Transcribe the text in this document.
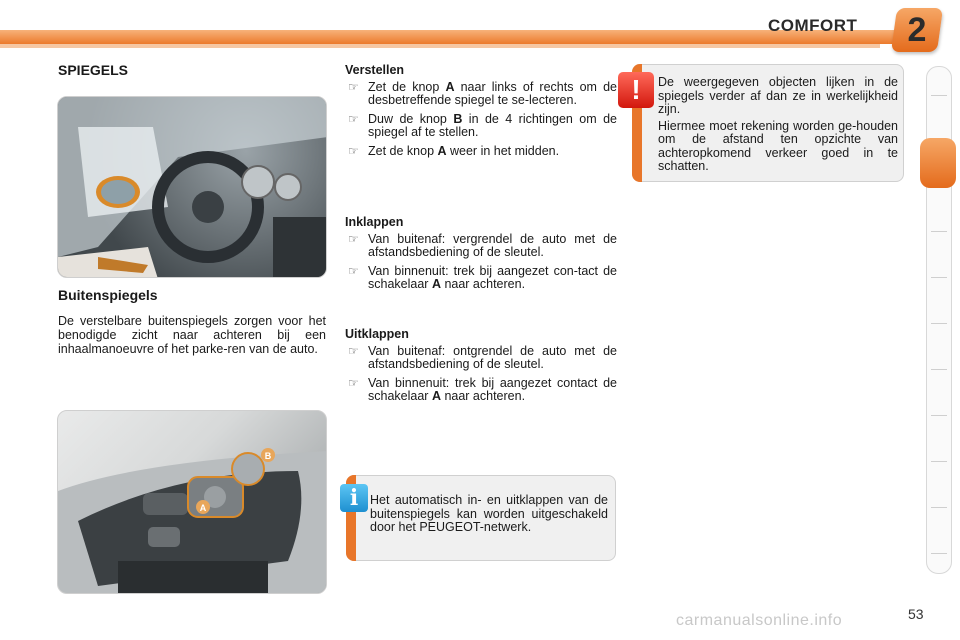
COMFORT	2
SPIEGELS
Buitenspiegels
De verstelbare buitenspiegels zorgen voor het benodigde zicht naar achteren bij een inhaalmanoeuvre of het parke-ren van de auto.
A
B
Verstellen
☞ Zet de knop A naar links of rechts om de desbetreffende spiegel te se-lecteren.
☞ Duw de knop B in de 4 richtingen om de spiegel af te stellen.
☞ Zet de knop A weer in het midden.
Inklappen
☞ Van buitenaf: vergrendel de auto met de afstandsbediening of de sleutel.
☞ Van binnenuit: trek bij aangezet con-tact de schakelaar A naar achteren.
Uitklappen
☞ Van buitenaf: ontgrendel de auto met de afstandsbediening of de sleutel.
☞ Van binnenuit: trek bij aangezet contact de schakelaar A naar achteren.
i Het automatisch in- en uitklappen van de buitenspiegels kan worden uitgeschakeld door het PEUGEOT-netwerk.
!	De weergegeven objecten lijken in de spiegels verder af dan ze in werkelijkheid zijn.

Hiermee moet rekening worden ge-houden om de afstand ten opzichte van achteropkomend verkeer goed in te schatten.

carmanualsonline.info	53
